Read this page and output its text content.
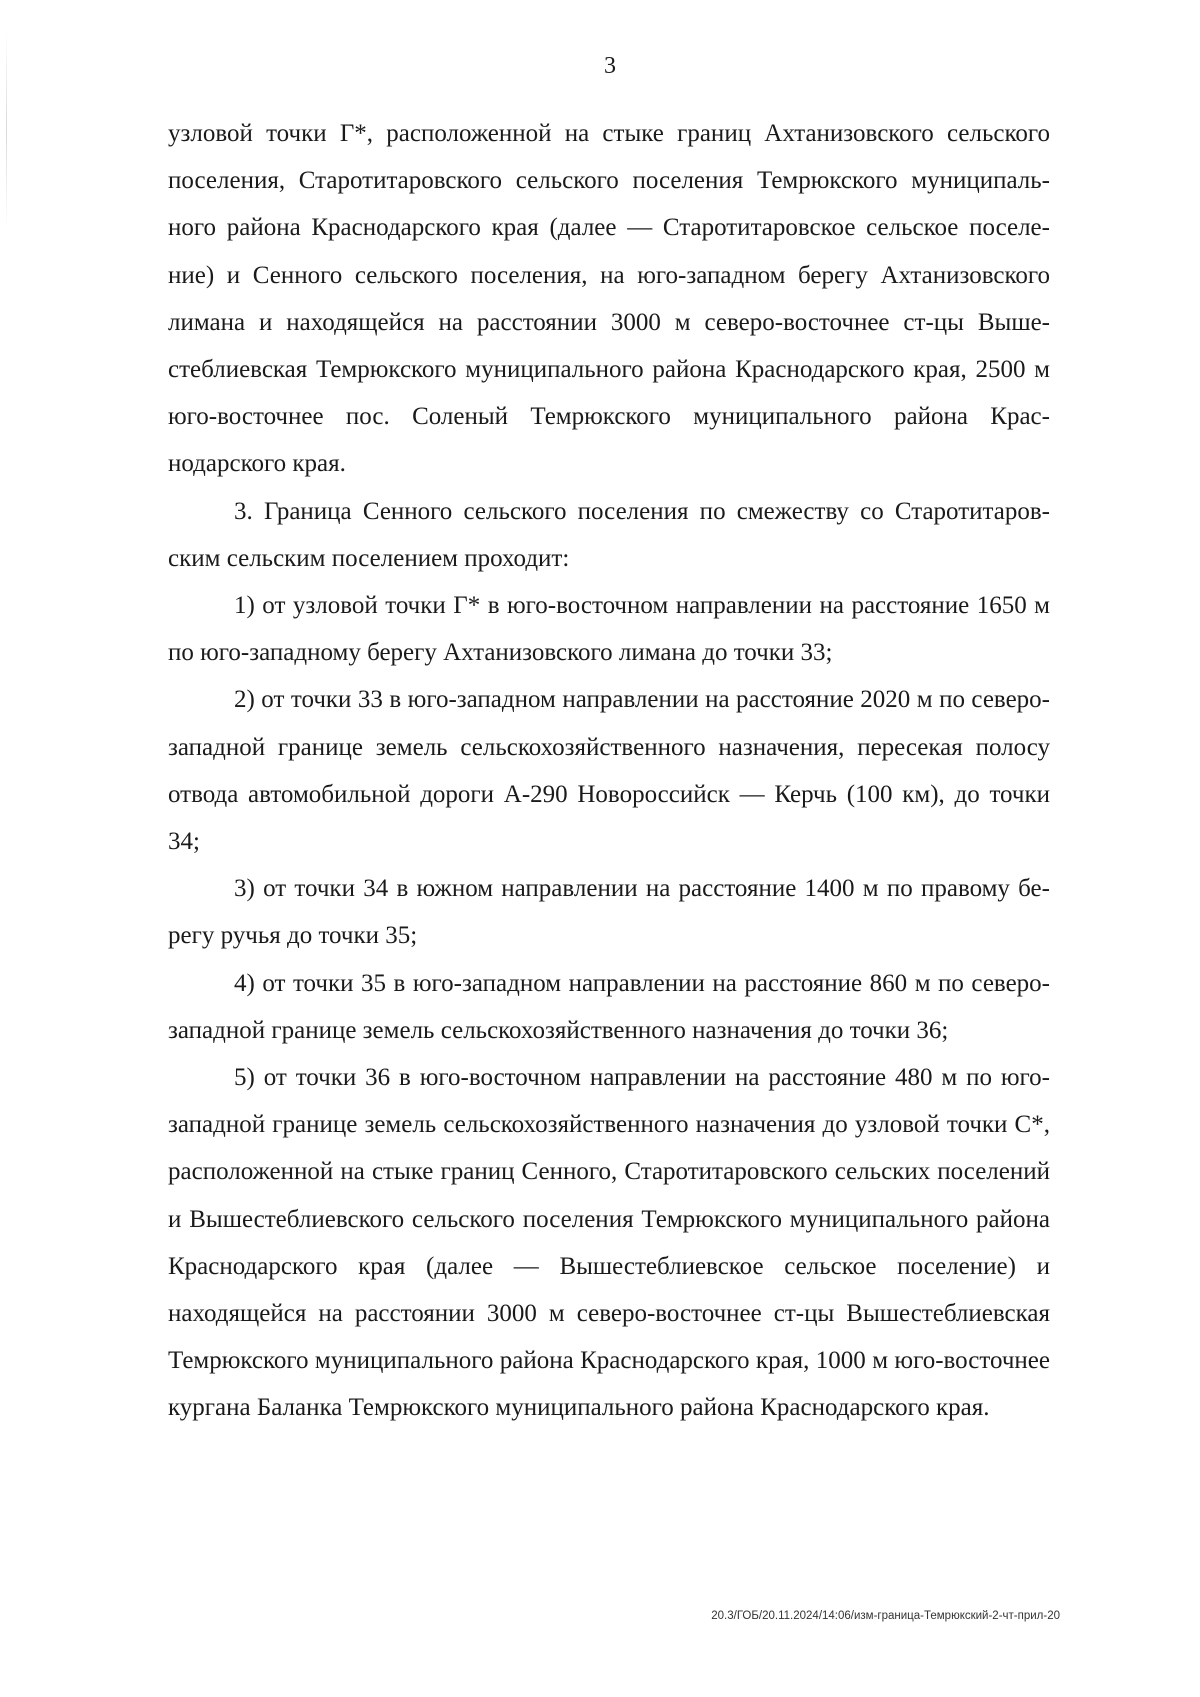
3

узловой точки Г*, расположенной на стыке границ Ахтанизовского сельского поселения, Старотитаровского сельского поселения Темрюкского муниципального района Краснодарского края (далее — Старотитаровское сельское поселение) и Сенного сельского поселения, на юго-западном берегу Ахтанизовского лимана и находящейся на расстоянии 3000 м северо-восточнее ст-цы Вышестеблиевская Темрюкского муниципального района Краснодарского края, 2500 м юго-восточнее пос. Соленый Темрюкского муниципального района Краснодарского края.

3. Граница Сенного сельского поселения по смежеству со Старотитаровским сельским поселением проходит:

1) от узловой точки Г* в юго-восточном направлении на расстояние 1650 м по юго-западному берегу Ахтанизовского лимана до точки 33;

2) от точки 33 в юго-западном направлении на расстояние 2020 м по северо-западной границе земель сельскохозяйственного назначения, пересекая полосу отвода автомобильной дороги А-290 Новороссийск — Керчь (100 км), до точки 34;

3) от точки 34 в южном направлении на расстояние 1400 м по правому берегу ручья до точки 35;

4) от точки 35 в юго-западном направлении на расстояние 860 м по северо-западной границе земель сельскохозяйственного назначения до точки 36;

5) от точки 36 в юго-восточном направлении на расстояние 480 м по юго-западной границе земель сельскохозяйственного назначения до узловой точки С*, расположенной на стыке границ Сенного, Старотитаровского сельских поселений и Вышестеблиевского сельского поселения Темрюкского муниципального района Краснодарского края (далее — Вышестеблиевское сельское поселение) и находящейся на расстоянии 3000 м северо-восточнее ст-цы Вышестеблиевская Темрюкского муниципального района Краснодарского края, 1000 м юго-восточнее кургана Баланка Темрюкского муниципального района Краснодарского края.

20.3/ГОБ/20.11.2024/14:06/изм-граница-Темрюкский-2-чт-прил-20
